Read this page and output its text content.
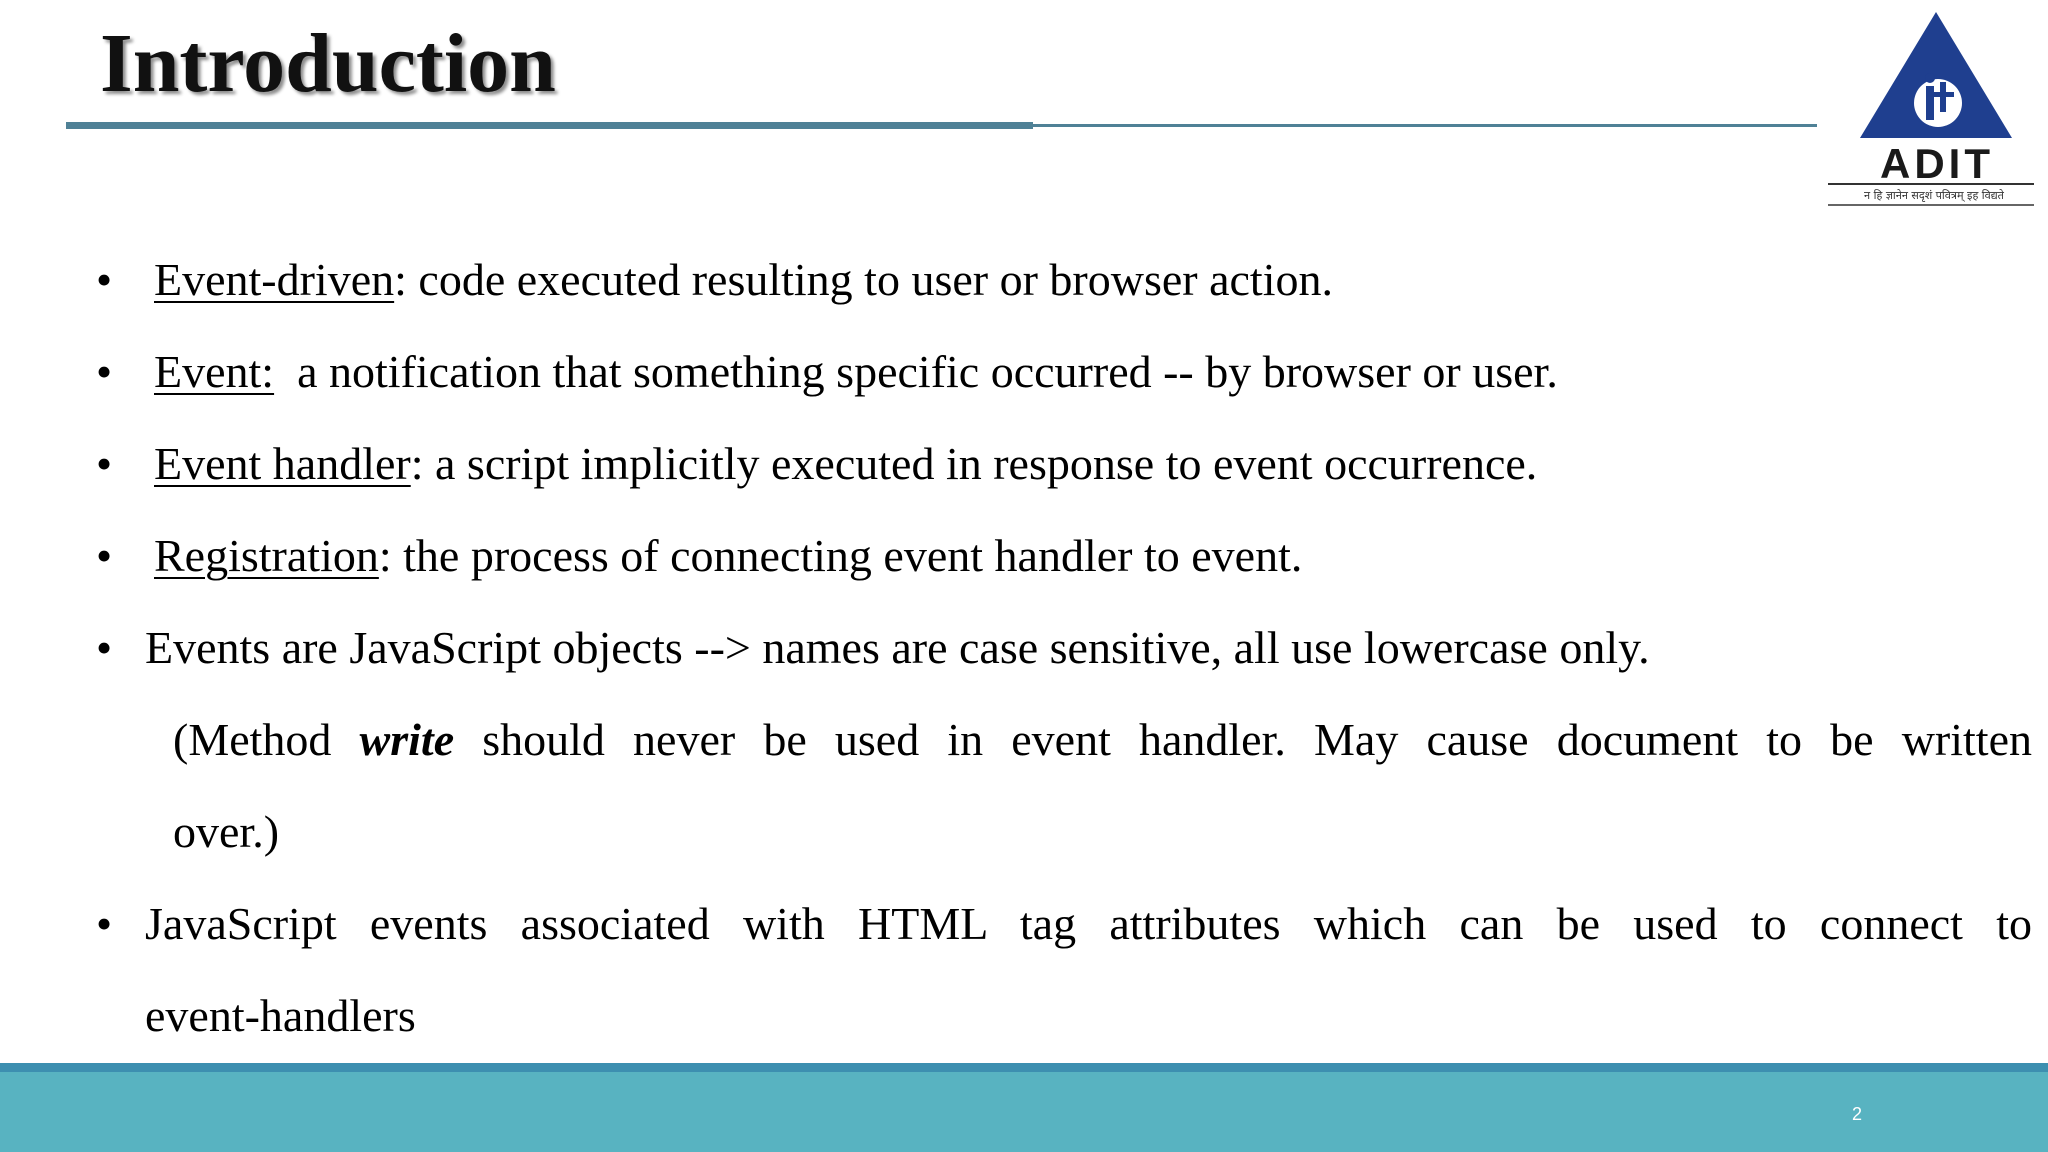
Introduction
ADIT
न हि ज्ञानेन सदृशं पवित्रम् इह विद्यते
• Event-driven: code executed resulting to user or browser action.
• Event:  a notification that something specific occurred -- by browser or user.
• Event handler: a script implicitly executed in response to event occurrence.
• Registration: the process of connecting event handler to event.
• Events are JavaScript objects --> names are case sensitive, all use lowercase only.
(Method write should never be used in event handler. May cause document to be written
over.)
• JavaScript events associated with HTML tag attributes which can be used to connect to
event-handlers
2
